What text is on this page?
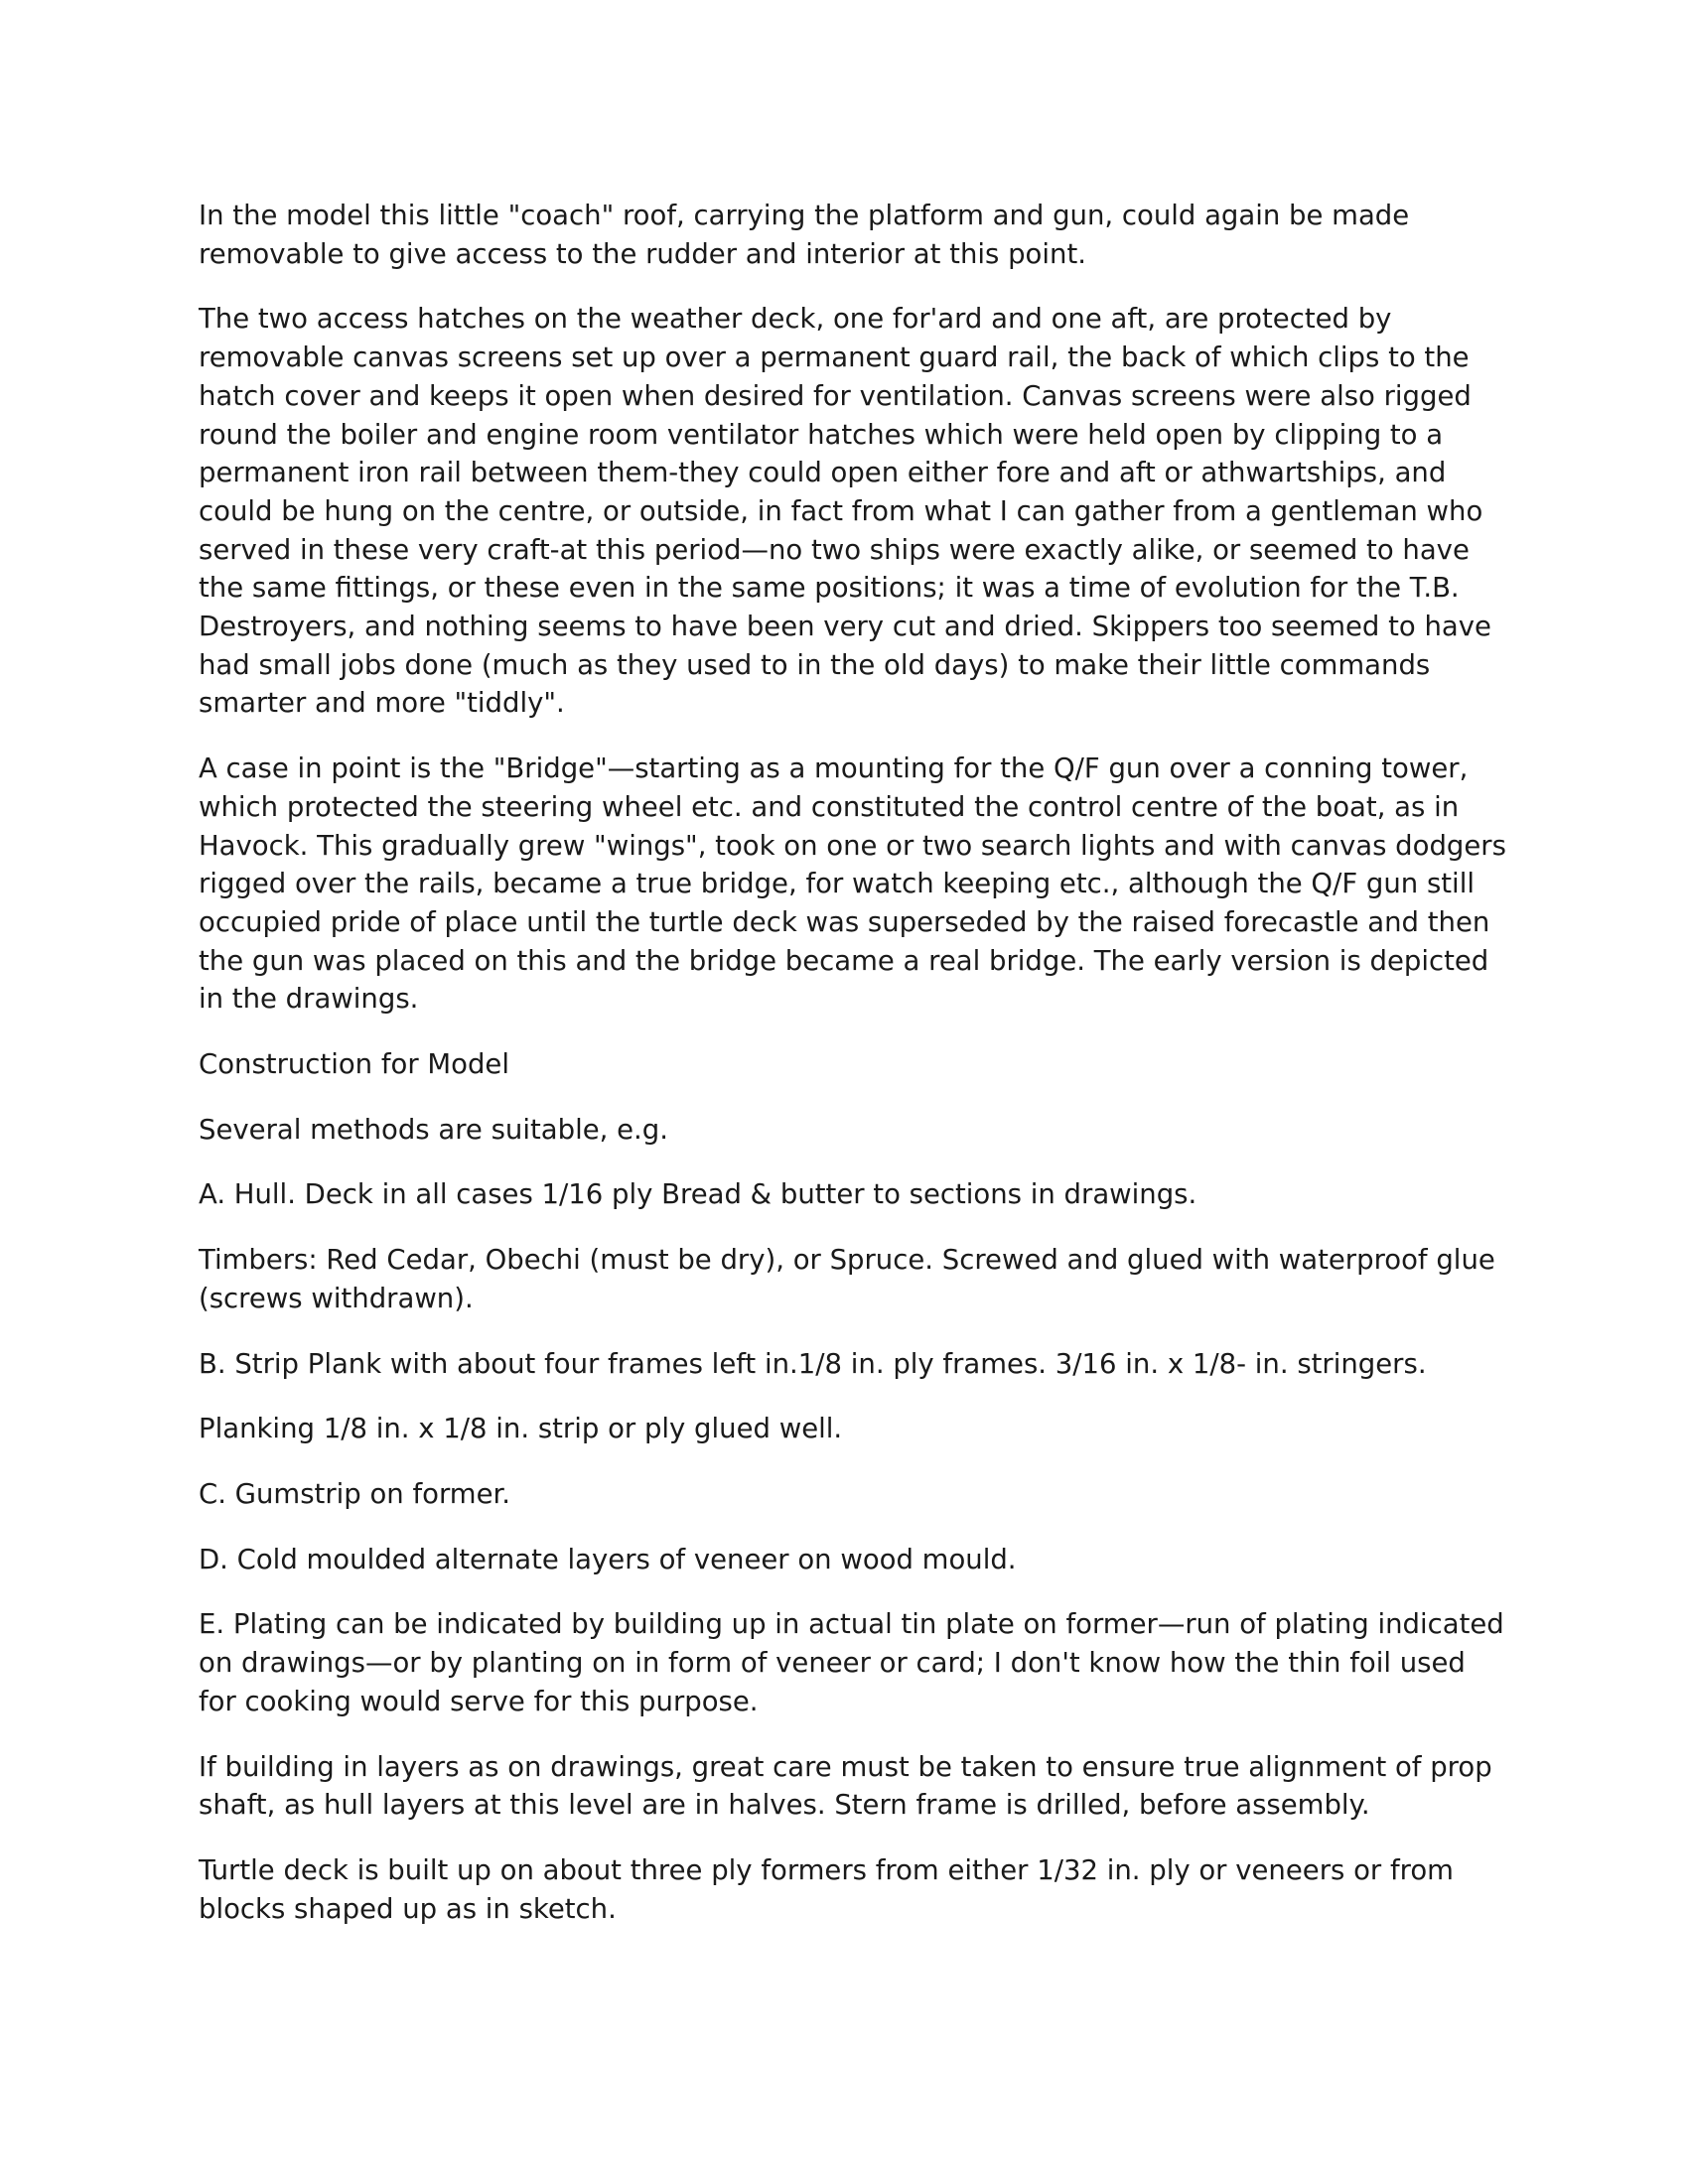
In the model this little "coach" roof, carrying the platform and gun, could again be made removable to give access to the rudder and interior at this point.

The two access hatches on the weather deck, one for'ard and one aft, are protected by removable canvas screens set up over a permanent guard rail, the back of which clips to the hatch cover and keeps it open when desired for ventilation. Canvas screens were also rigged round the boiler and engine room ventilator hatches which were held open by clipping to a permanent iron rail between them-they could open either fore and aft or athwartships, and could be hung on the centre, or outside, in fact from what I can gather from a gentleman who served in these very craft-at this period—no two ships were exactly alike, or seemed to have the same fittings, or these even in the same positions; it was a time of evolution for the T.B. Destroyers, and nothing seems to have been very cut and dried. Skippers too seemed to have had small jobs done (much as they used to in the old days) to make their little commands smarter and more "tiddly".

A case in point is the "Bridge"—starting as a mounting for the Q/F gun over a conning tower, which protected the steering wheel etc. and constituted the control centre of the boat, as in Havock. This gradually grew "wings", took on one or two search lights and with canvas dodgers rigged over the rails, became a true bridge, for watch keeping etc., although the Q/F gun still occupied pride of place until the turtle deck was superseded by the raised forecastle and then the gun was placed on this and the bridge became a real bridge. The early version is depicted in the drawings.

Construction for Model

Several methods are suitable, e.g.

A. Hull. Deck in all cases 1/16 ply Bread & butter to sections in drawings.

Timbers: Red Cedar, Obechi (must be dry), or Spruce. Screwed and glued with waterproof glue (screws withdrawn).

B. Strip Plank with about four frames left in.1/8 in. ply frames. 3/16 in. x 1/8- in. stringers.

Planking 1/8 in. x 1/8 in. strip or ply glued well.

C. Gumstrip on former.

D. Cold moulded alternate layers of veneer on wood mould.

E. Plating can be indicated by building up in actual tin plate on former—run of plating indicated on drawings—or by planting on in form of veneer or card; I don't know how the thin foil used for cooking would serve for this purpose.

If building in layers as on drawings, great care must be taken to ensure true alignment of prop shaft, as hull layers at this level are in halves. Stern frame is drilled, before assembly.

Turtle deck is built up on about three ply formers from either 1/32 in. ply or veneers or from blocks shaped up as in sketch.
